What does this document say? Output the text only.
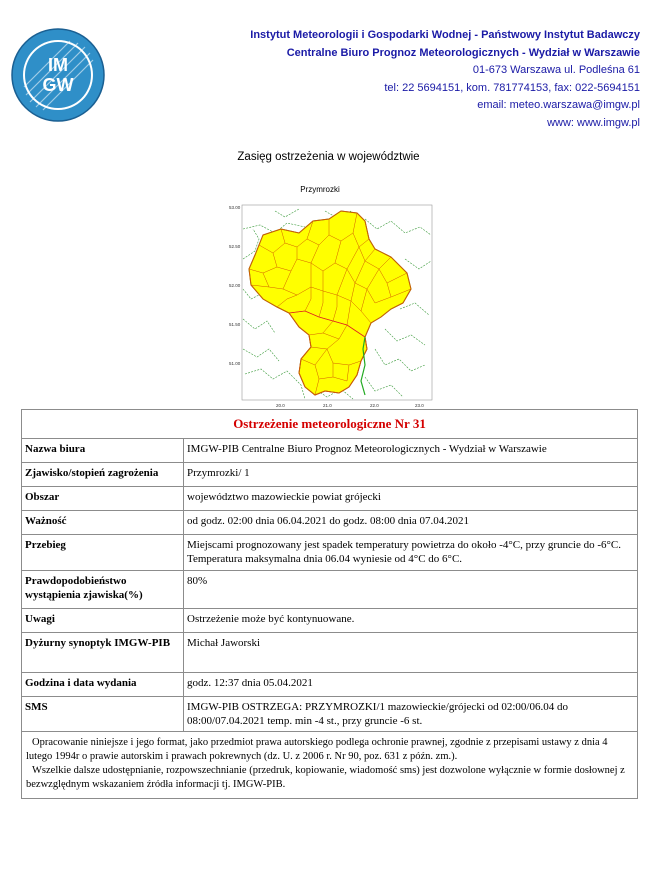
IM
GW
Instytut Meteorologii i Gospodarki Wodnej - Państwowy Instytut Badawczy
Centralne Biuro Prognoz Meteorologicznych - Wydział w Warszawie
01-673 Warszawa ul. Podleśna 61
tel: 22 5694151, kom. 781774153, fax: 022-5694151
email: meteo.warszawa@imgw.pl
www: www.imgw.pl
Zasięg ostrzeżenia w województwie
Przymrozki
53.00
52.50
52.00
51.50
51.00
20.0	21.0	22.0	23.0
Ostrzeżenie meteorologiczne Nr 31	
Nazwa biura	IMGW-PIB Centralne Biuro Prognoz Meteorologicznych - Wydział w Warszawie
Zjawisko/stopień zagrożenia	Przymrozki/ 1
Obszar	województwo mazowieckie powiat grójecki
Ważność	od godz. 02:00 dnia 06.04.2021 do godz. 08:00 dnia 07.04.2021
Przebieg	Miejscami prognozowany jest spadek temperatury powietrza do około -4°C, przy gruncie do -6°C. Temperatura maksymalna dnia 06.04 wyniesie od 4°C do 6°C.
Prawdopodobieństwo wystąpienia zjawiska(%)	80%
Uwagi	Ostrzeżenie może być kontynuowane.
Dyżurny synoptyk IMGW-PIB	Michał Jaworski
Godzina i data wydania	godz. 12:37 dnia 05.04.2021
SMS	IMGW-PIB OSTRZEGA: PRZYMROZKI/1 mazowieckie/grójecki od 02:00/06.04 do 08:00/07.04.2021 temp. min -4 st., przy gruncie -6 st.

Opracowanie niniejsze i jego format, jako przedmiot prawa autorskiego podlega ochronie prawnej, zgodnie z przepisami ustawy z dnia 4 lutego 1994r o prawie autorskim i prawach pokrewnych (dz. U. z 2006 r. Nr 90, poz. 631 z późn. zm.).

Wszelkie dalsze udostępnianie, rozpowszechnianie (przedruk, kopiowanie, wiadomość sms) jest dozwolone wyłącznie w formie dosłownej z bezwzględnym wskazaniem źródła informacji tj. IMGW-PIB.	
